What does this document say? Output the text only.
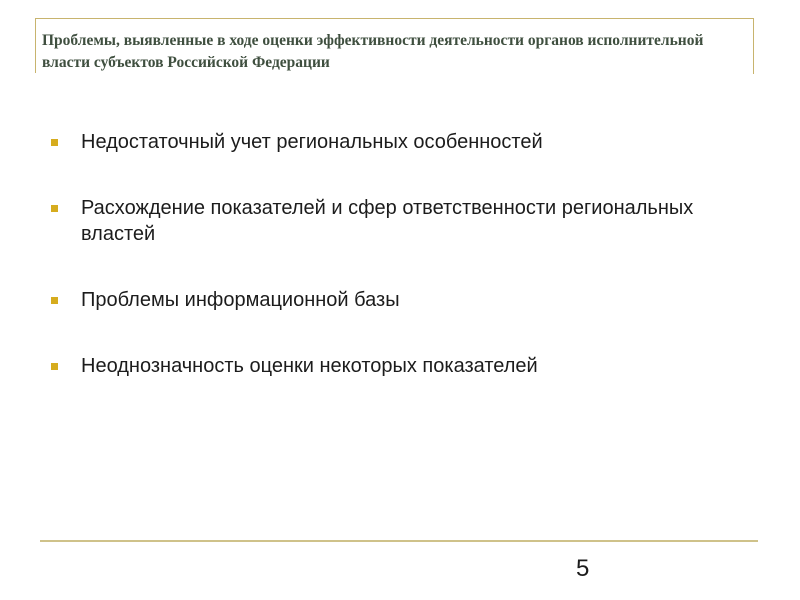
Проблемы, выявленные в ходе оценки эффективности деятельности органов исполнительной власти субъектов Российской Федерации
Недостаточный учет региональных особенностей
Расхождение показателей и сфер ответственности региональных властей
Проблемы информационной базы
Неоднозначность оценки некоторых показателей
5
